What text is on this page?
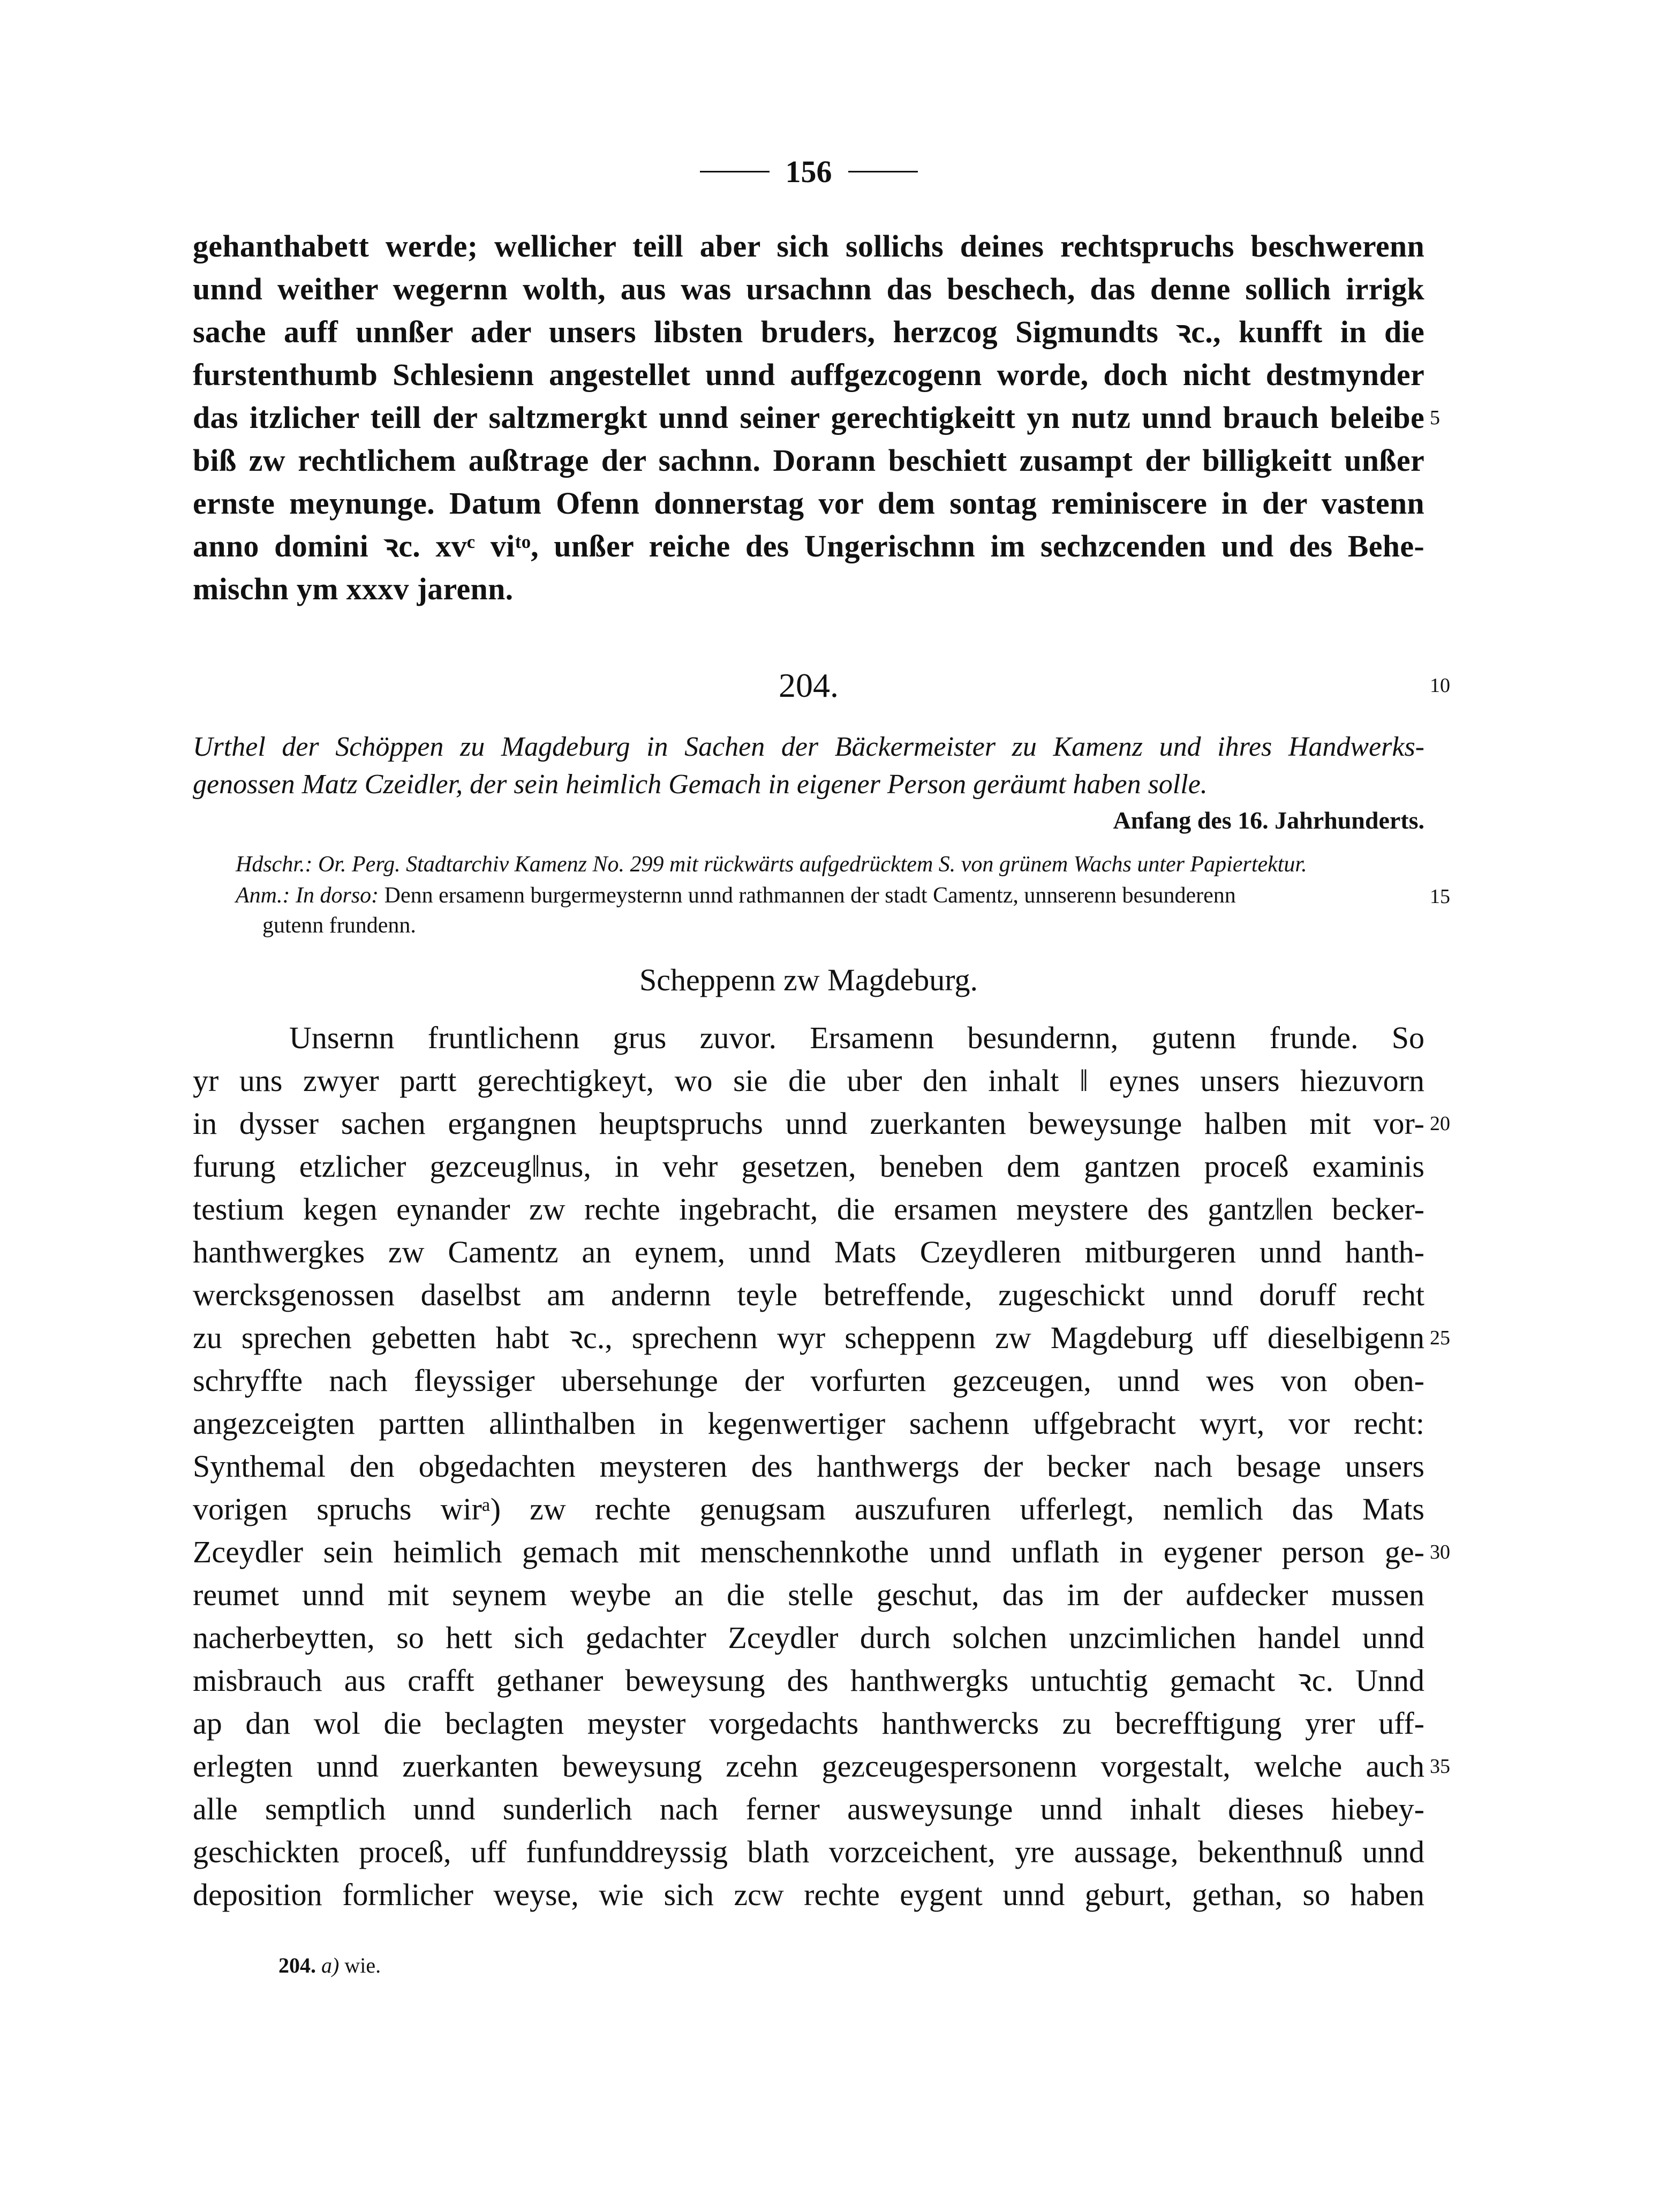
156
gehanthabett werde; wellicher teill aber sich sollichs deines rechtspruchs beschwerenn
unnd weither wegernn wolth, aus was ursachnn das beschech, das denne sollich irrigk
sache auff unnßer ader unsers libsten bruders, herzcog Sigmundts ꝛc., kunfft in die
furstenthumb Schlesienn angestellet unnd auffgezcogenn worde, doch nicht destmynder
das itzlicher teill der saltzmergkt unnd seiner gerechtigkeitt yn nutz unnd brauch beleibe 5
biß zw rechtlichem außtrage der sachnn. Dorann beschiett zusampt der billigkeitt unßer
ernste meynunge. Datum Ofenn donnerstag vor dem sontag reminiscere in der vastenn
anno domini ꝛc. xvᶜ viᵗᵒ, unßer reiche des Ungerischnn im sechzcenden und des Behe-
mischn ym xxxv jarenn.
204.	10
Urthel der Schöppen zu Magdeburg in Sachen der Bäckermeister zu Kamenz und ihres Handwerks-
genossen Matz Czeidler, der sein heimlich Gemach in eigener Person geräumt haben solle.
Anfang des 16. Jahrhunderts.
Hdschr.: Or. Perg. Stadtarchiv Kamenz No. 299 mit rückwärts aufgedrücktem S. von grünem Wachs unter Papiertektur.
Anm.: In dorso: Denn ersamenn burgermeysternn unnd rathmannen der stadt Camentz, unnserenn besunderenn	15
gutenn frundenn.
Scheppenn zw Magdeburg.
Unsernn fruntlichenn grus zuvor. Ersamenn besundernn, gutenn frunde. So
yr uns zwyer partt gerechtigkeyt, wo sie die uber den inhalt ‖ eynes unsers hiezuvorn
in dysser sachen ergangnen heuptspruchs unnd zuerkanten beweysunge halben mit vor- 20
furung etzlicher gezceug‖nus, in vehr gesetzen, beneben dem gantzen proceß examinis
testium kegen eynander zw rechte ingebracht, die ersamen meystere des gantz‖en becker-
hanthwergkes zw Camentz an eynem, unnd Mats Czeydleren mitburgeren unnd hanth-
wercksgenossen daselbst am andernn teyle betreffende, zugeschickt unnd doruff recht
zu sprechen gebetten habt ꝛc., sprechenn wyr scheppenn zw Magdeburg uff dieselbigenn 25
schryffte nach fleyssiger ubersehunge der vorfurten gezceugen, unnd wes von oben-
angezceigten partten allinthalben in kegenwertiger sachenn uffgebracht wyrt, vor recht:
Synthemal den obgedachten meysteren des hanthwergs der becker nach besage unsers
vorigen spruchs wirᵃ) zw rechte genugsam auszufuren ufferlegt, nemlich das Mats
Zceydler sein heimlich gemach mit menschennkothe unnd unflath in eygener person ge- 30
reumet unnd mit seynem weybe an die stelle geschut, das im der aufdecker mussen
nacherbeytten, so hett sich gedachter Zceydler durch solchen unzcimlichen handel unnd
misbrauch aus crafft gethaner beweysung des hanthwergks untuchtig gemacht ꝛc. Unnd
ap dan wol die beclagten meyster vorgedachts hanthwercks zu becrefftigung yrer uff-
erlegten unnd zuerkanten beweysung zcehn gezceugespersonenn vorgestalt, welche auch 35
alle semptlich unnd sunderlich nach ferner ausweysunge unnd inhalt dieses hiebey-
geschickten proceß, uff funfunddreyssig blath vorzceichent, yre aussage, bekenthnuß unnd
deposition formlicher weyse, wie sich zcw rechte eygent unnd geburt, gethan, so haben
204. a) wie.
